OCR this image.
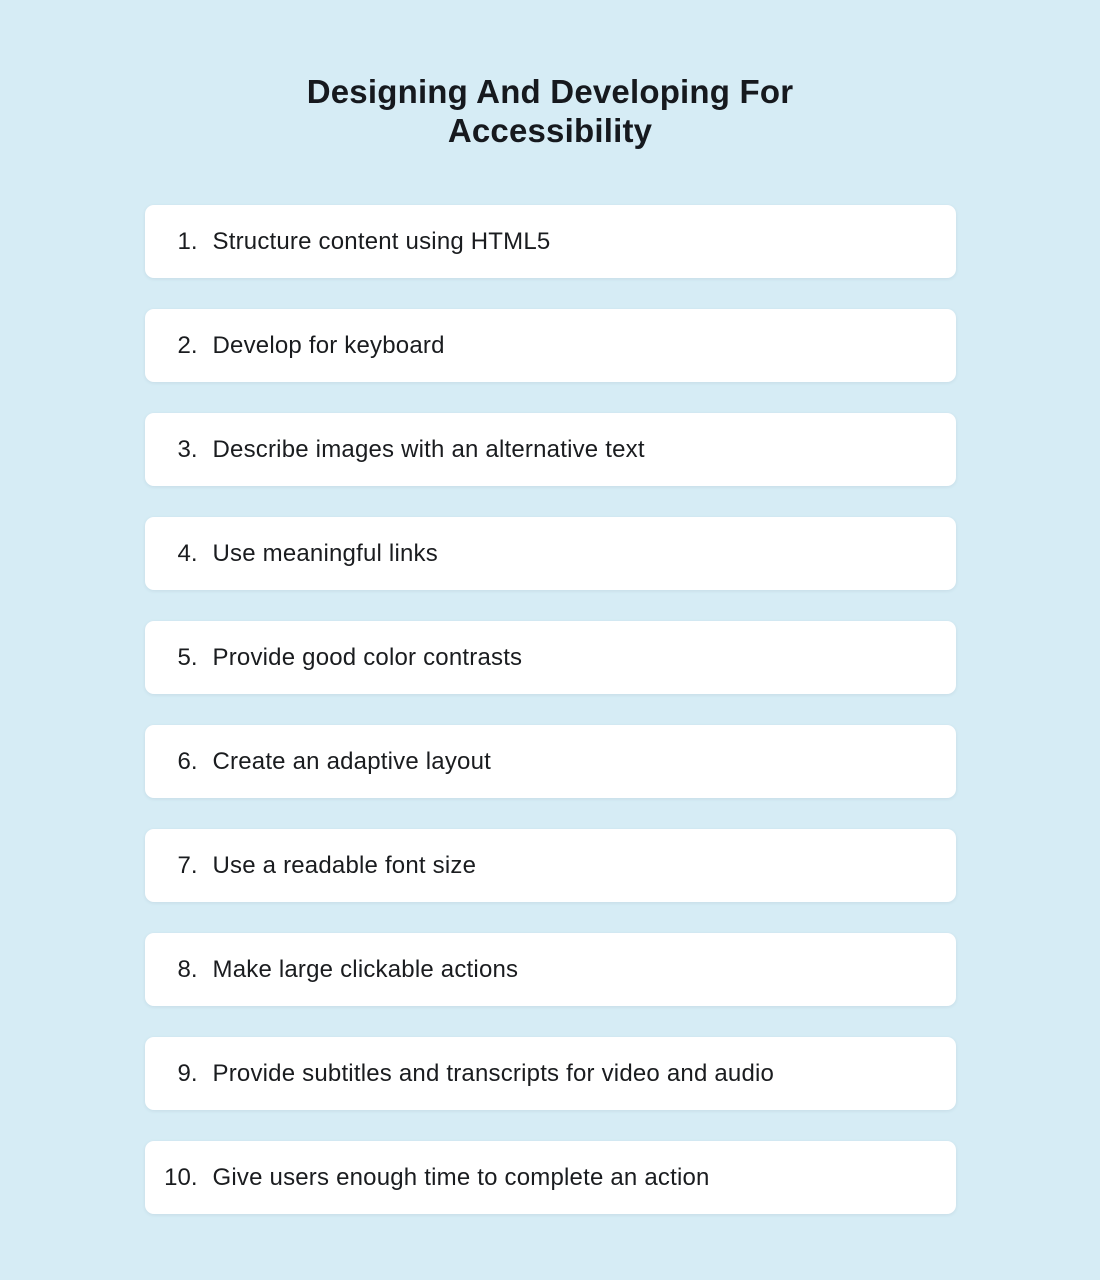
Designing And Developing For
Accessibility
1. Structure content using HTML5
2. Develop for keyboard
3. Describe images with an alternative text
4. Use meaningful links
5. Provide good color contrasts
6. Create an adaptive layout
7. Use a readable font size
8. Make large clickable actions
9. Provide subtitles and transcripts for video and audio
10. Give users enough time to complete an action
